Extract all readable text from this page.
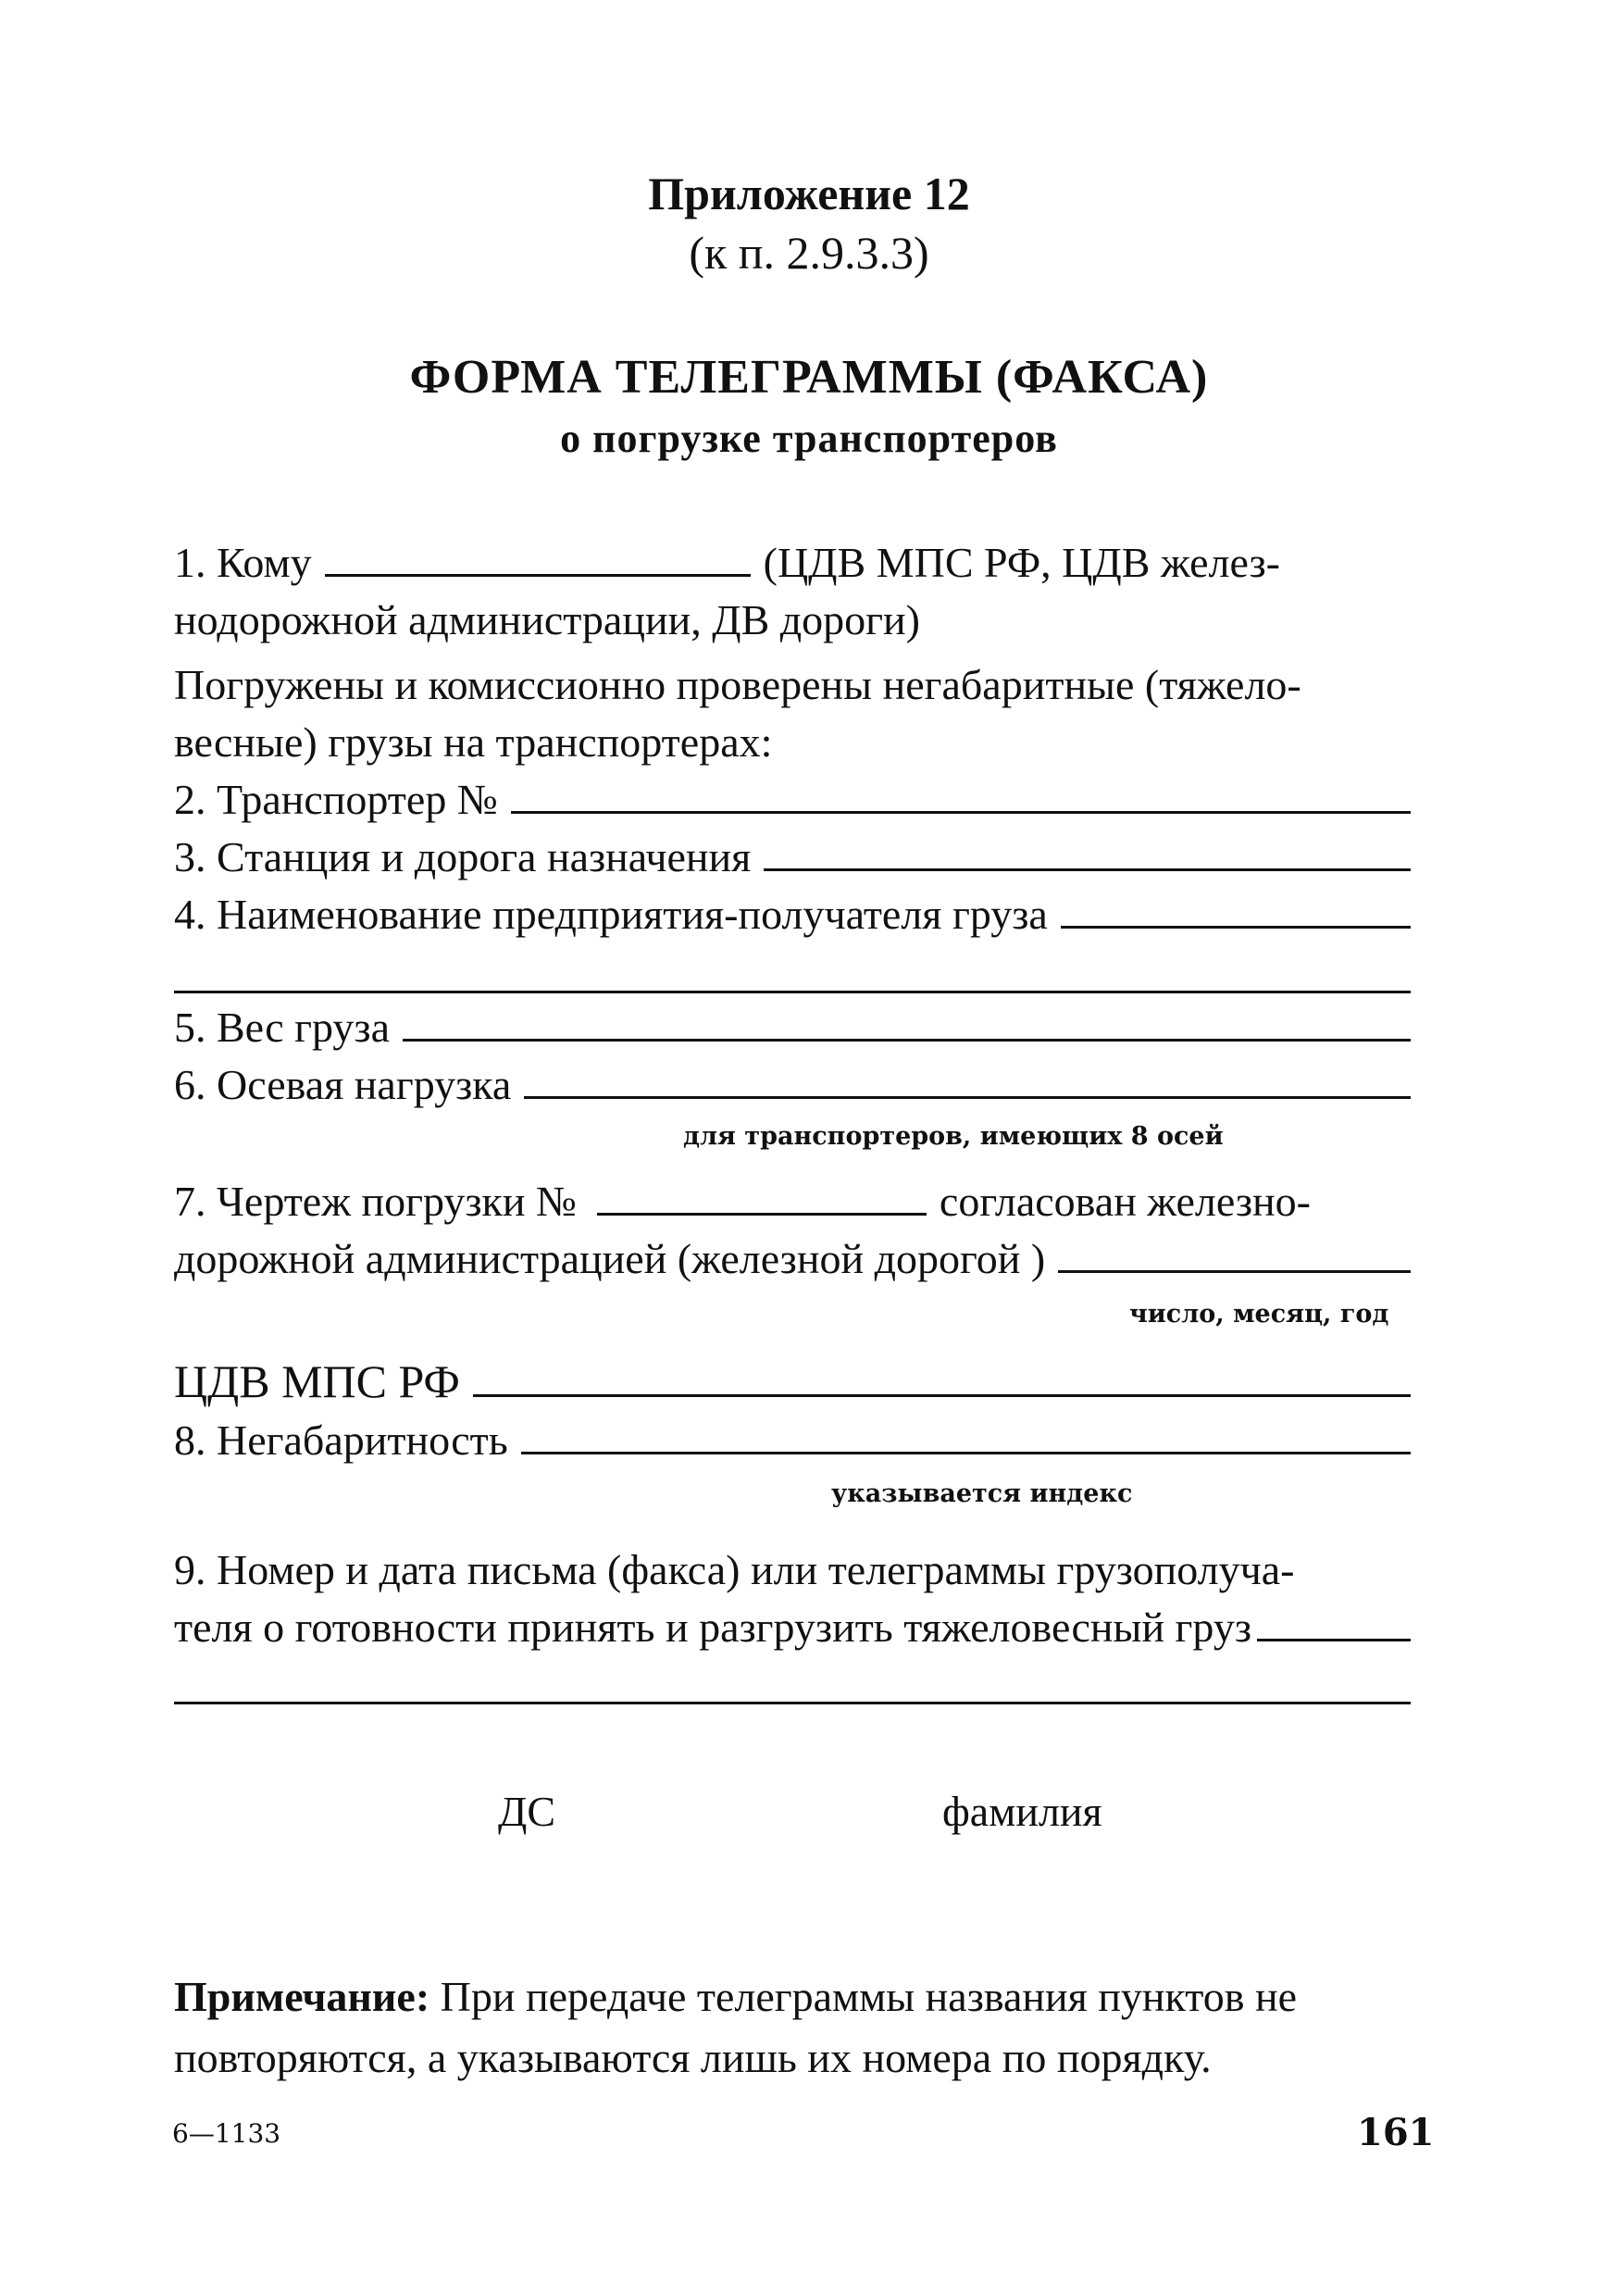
Приложение 12
(к п. 2.9.3.3)
ФОРМА ТЕЛЕГРАММЫ (ФАКСА)
о погрузке транспортеров
1. Кому	(ЦДВ МПС РФ, ЦДВ желез-
нодорожной администрации, ДВ дороги)
Погружены и комиссионно проверены негабаритные (тяжело-
весные) грузы на транспортерах:
2. Транспортер №
3. Станция и дорога назначения
4. Наименование предприятия-получателя груза
5. Вес груза
6. Осевая нагрузка
для транспортеров, имеющих 8 осей
7. Чертеж погрузки №	согласован железно-
дорожной администрацией (железной дорогой )
число, месяц, год
ЦДВ МПС РФ
8. Негабаритность
указывается индекс
9. Номер и дата письма (факса) или телеграммы грузополуча-
теля о готовности принять и разгрузить тяжеловесный груз
ДС	фамилия
Примечание: При передаче телеграммы названия пунктов не повторяются, а указываются лишь их номера по порядку.
6—1133	161
